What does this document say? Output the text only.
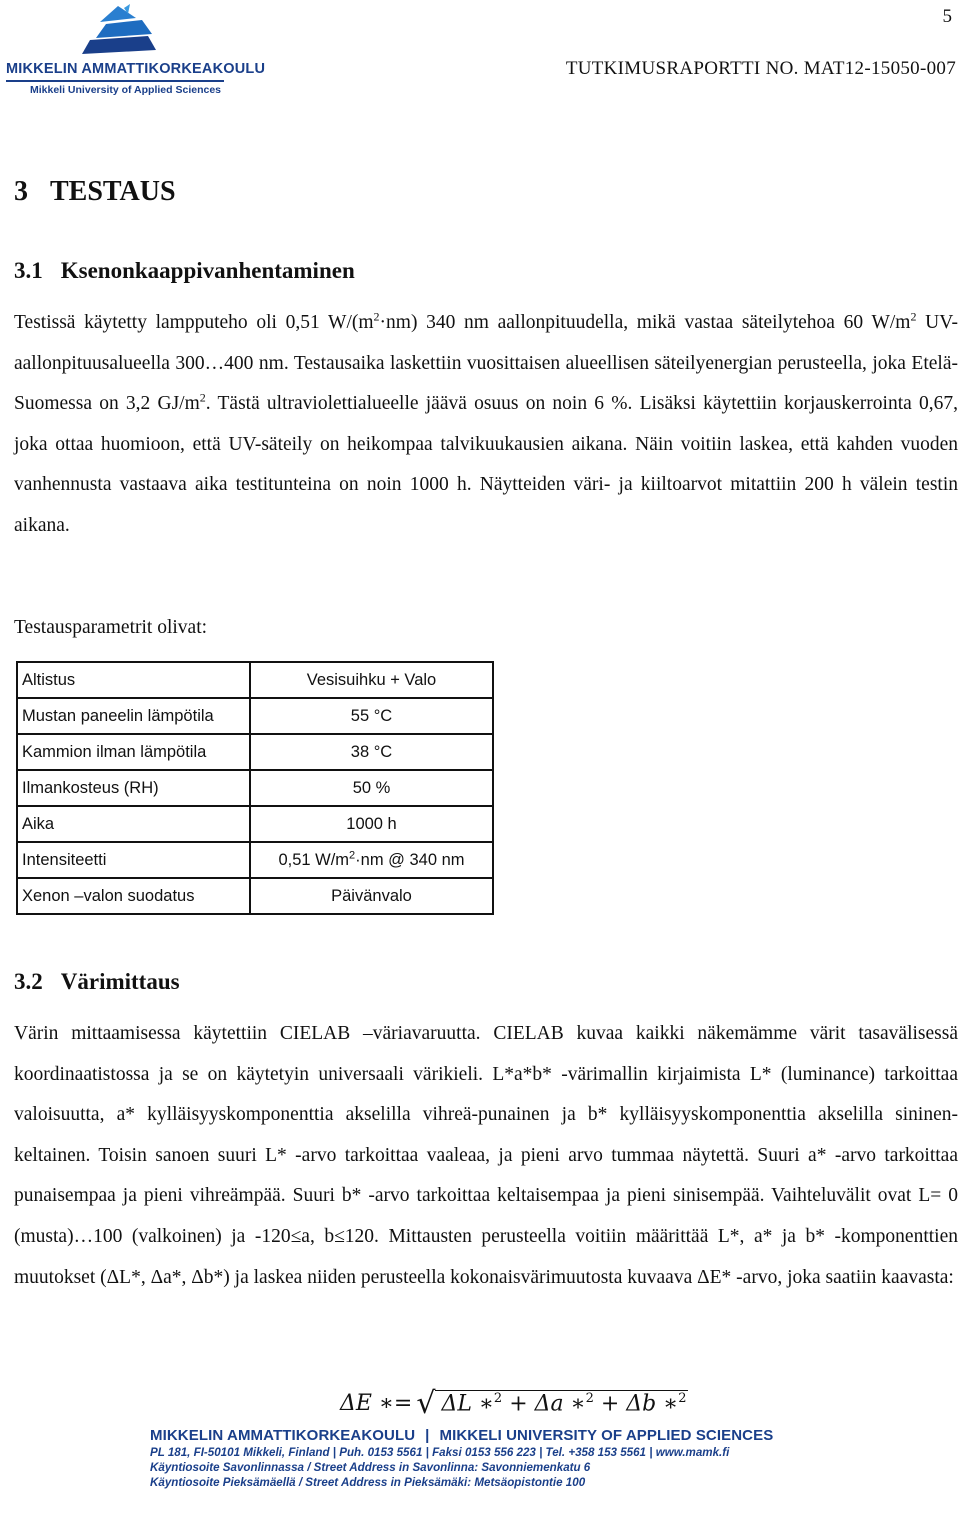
5
MIKKELIN AMMATTIKORKEAKOULU
Mikkeli University of Applied Sciences
TUTKIMUSRAPORTTI NO. MAT12-15050-007
3 TESTAUS
3.1 Ksenonkaappivanhentaminen

Testissä käytetty lampputeho oli 0,51 $W/(m^2\cdot nm)$ 340 nm aallonpituudella, mikä vastaa säteilytehoa 60 $W/m^2$ UV-aallonpituusalueella 300…400 nm. Testausaika laskettiin vuosittaisen alueellisen säteilyenergian perusteella, joka Etelä-Suomessa on 3,2 $GJ/m^2$. Tästä ultraviolettialueelle jäävä osuus on noin 6 %. Lisäksi käytettiin korjauskerrointa 0,67, joka ottaa huomioon, että UV-säteily on heikompaa talvikuukausien aikana. Näin voitiin laskea, että kahden vuoden vanhennusta vastaava aika testitunteina on noin 1000 h. Näytteiden väri- ja kiiltoarvot mitattiin 200 h välein testin aikana.

Testausparametrit olivat:
Altistus	Vesisuihku + Valo
Mustan paneelin lämpötila	55 °C
Kammion ilman lämpötila	38 °C
Ilmankosteus (RH)	50 %
Aika	1000 h
Intensiteetti	0,51 $W/m^2\cdot nm$ @ 340 nm
Xenon –valon suodatus	Päivänvalo
3.2 Värimittaus

Värin mittaamisessa käytettiin CIELAB –väriavaruutta. CIELAB kuvaa kaikki näkemämme värit tasavälisessä koordinaatistossa ja se on käytetyin universaali värikieli. L*a*b* -värimallin kirjaimista L* (luminance) tarkoittaa valoisuutta, a* kylläisyyskomponenttia akselilla vihreä-punainen ja b* kylläisyyskomponenttia akselilla sininen-keltainen. Toisin sanoen suuri L* -arvo tarkoittaa vaaleaa, ja pieni arvo tummaa näytettä. Suuri a* -arvo tarkoittaa punaisempaa ja pieni vihreämpää. Suuri b* -arvo tarkoittaa keltaisempaa ja pieni sinisempää. Vaihteluvälit ovat L= 0 (musta)…100 (valkoinen) ja -120≤a, b≤120. Mittausten perusteella voitiin määrittää L*, a* ja b* -komponenttien muutokset (ΔL*, Δa*, Δb*) ja laskea niiden perusteella kokonaisvärimuutosta kuvaava ΔE* -arvo, joka saatiin kaavasta:

ΔE ∗= √ ΔL ∗$^2$ + Δa ∗$^2$ + Δb ∗$^2$
MIKKELIN AMMATTIKORKEAKOULU | MIKKELI UNIVERSITY OF APPLIED SCIENCES
PL 181, FI-50101 Mikkeli, Finland | Puh. 0153 5561 | Faksi 0153 556 223 | Tel. +358 153 5561 | www.mamk.fi
Käyntiosoite Savonlinnassa / Street Address in Savonlinna: Savonniemenkatu 6
Käyntiosoite Pieksämäellä / Street Address in Pieksämäki: Metsäopistontie 100
